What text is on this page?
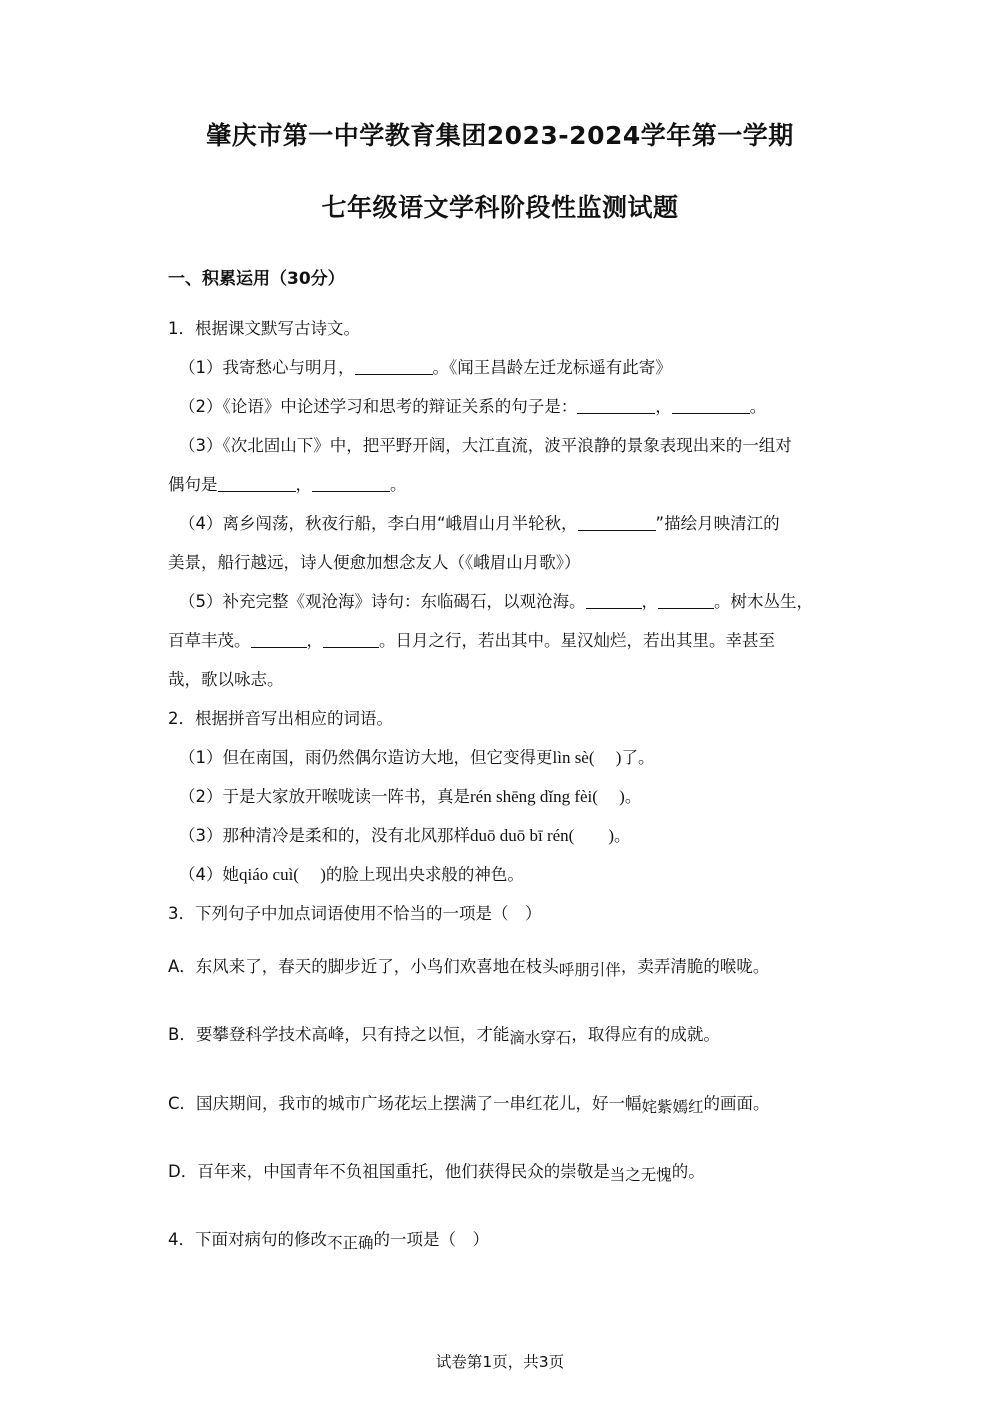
肇庆市第一中学教育集团2023-2024学年第一学期
七年级语文学科阶段性监测试题
一、积累运用（30分）
1．根据课文默写古诗文。
（1）我寄愁心与明月，	。《闻王昌龄左迁龙标遥有此寄》
（2）《论语》中论述学习和思考的辩证关系的句子是：	，	。
（3）《次北固山下》中，把平野开阔，大江直流，波平浪静的景象表现出来的一组对
偶句是	，	。
（4）离乡闯荡，秋夜行船，李白用“峨眉山月半轮秋，	”描绘月映清江的
美景，船行越远，诗人便愈加想念友人（《峨眉山月歌》）
（5）补充完整《观沧海》诗句：东临碣石，以观沧海。	，	。树木丛生，
百草丰茂。	，	。日月之行，若出其中。星汉灿烂，若出其里。幸甚至
哉，歌以咏志。
2．根据拼音写出相应的词语。
（1）但在南国，雨仍然偶尔造访大地，但它变得更lìn sè(　 )了。
（2）于是大家放开喉咙读一阵书，真是rén shēng dǐng fèi(　 )。
（3）那种清冷是柔和的，没有北风那样duō duō bī rén(　　)。
（4）她qiáo cuì(　 )的脸上现出央求般的神色。
3．下列句子中加点词语使用不恰当的一项是（　）
A．东风来了，春天的脚步近了，小鸟们欢喜地在枝头呼朋引伴，卖弄清脆的喉咙。
B．要攀登科学技术高峰，只有持之以恒，才能滴水穿石，取得应有的成就。
C．国庆期间，我市的城市广场花坛上摆满了一串红花儿，好一幅姹紫嫣红的画面。
D．百年来，中国青年不负祖国重托，他们获得民众的崇敬是当之无愧的。
4．下面对病句的修改不正确的一项是（　）
试卷第1页，共3页
